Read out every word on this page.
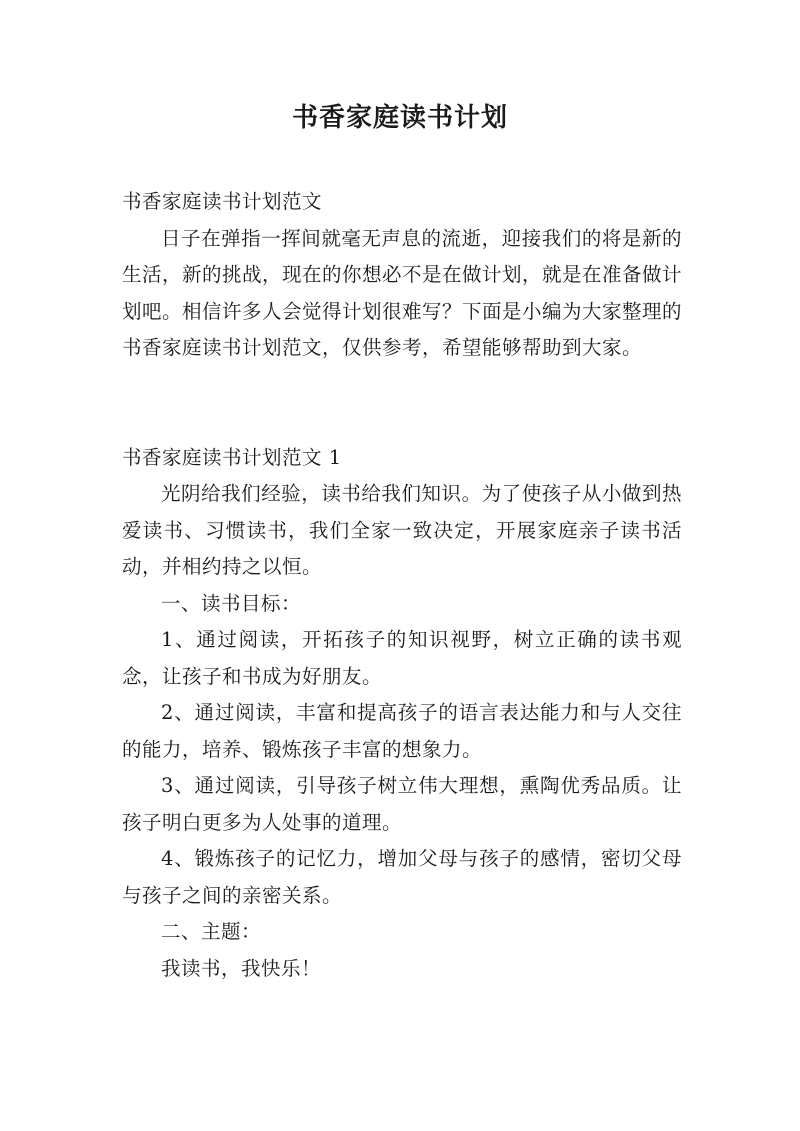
书香家庭读书计划

书香家庭读书计划范文

日子在弹指一挥间就毫无声息的流逝，迎接我们的将是新的生活，新的挑战，现在的你想必不是在做计划，就是在准备做计划吧。相信许多人会觉得计划很难写？下面是小编为大家整理的书香家庭读书计划范文，仅供参考，希望能够帮助到大家。

书香家庭读书计划范文 1

光阴给我们经验，读书给我们知识。为了使孩子从小做到热爱读书、习惯读书，我们全家一致决定，开展家庭亲子读书活动，并相约持之以恒。

一、读书目标：

1、通过阅读，开拓孩子的知识视野，树立正确的读书观念，让孩子和书成为好朋友。

2、通过阅读，丰富和提高孩子的语言表达能力和与人交往的能力，培养、锻炼孩子丰富的想象力。

3、通过阅读，引导孩子树立伟大理想，熏陶优秀品质。让孩子明白更多为人处事的道理。

4、锻炼孩子的记忆力，增加父母与孩子的感情，密切父母与孩子之间的亲密关系。

二、主题：

我读书，我快乐！
